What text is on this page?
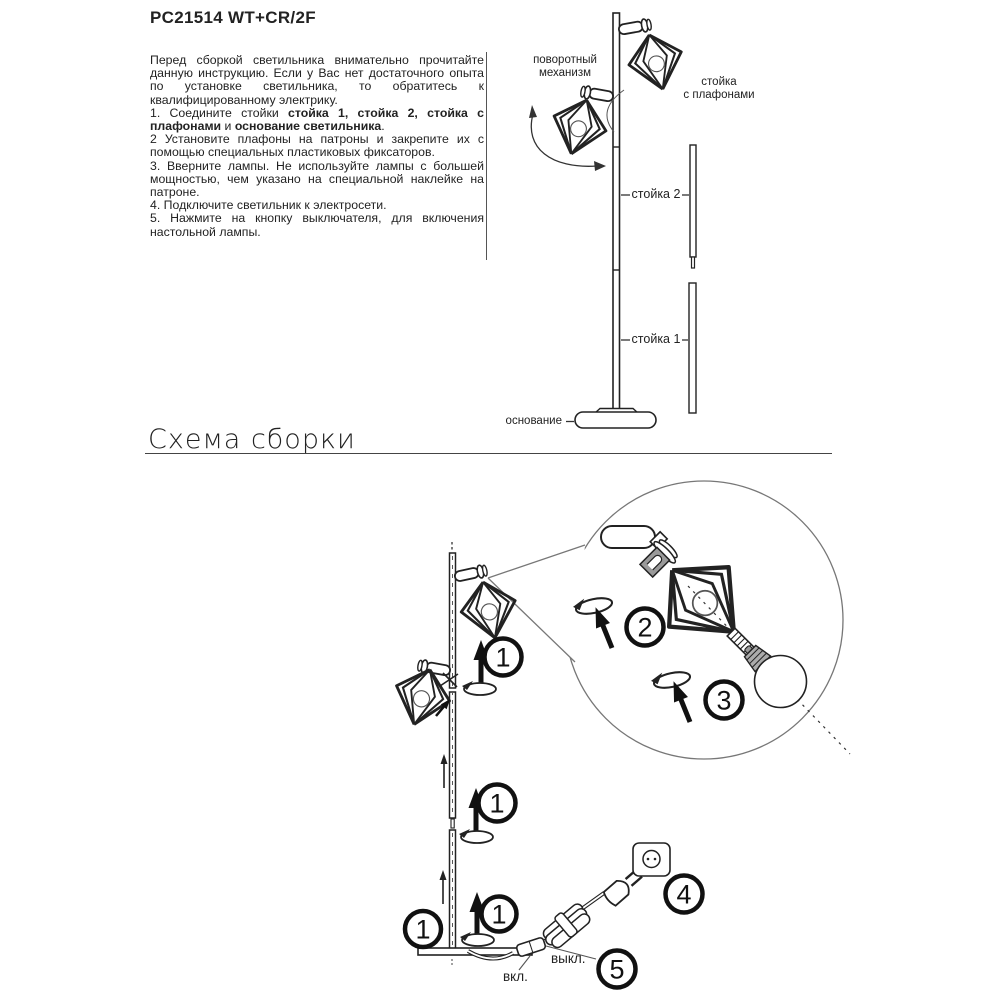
PC21514 WT+CR/2F

Перед сборкой светильника внимательно прочитайте данную инструкцию. Если у Вас нет достаточного опыта по установке светильника, то обратитесь к квалифицированному электрику.

1. Соедините стойки стойка 1, стойка 2, стойка с плафонами и основание светильника.

2 Установите плафоны на патроны и закрепите их с помощью специальных пластиковых фиксаторов.

3. Вверните лампы. Не используйте лампы с большей мощностью, чем указано на специальной наклейке на патроне.

4. Подключите светильник к электросети.

5. Нажмите на кнопку выключателя, для включения настольной лампы.

поворотный
механизм
стойка
с плафонами
стойка 2
стойка 1
основание
Схема сборки
1
1
1
1
2
3
4
5
выкл.
вкл.
